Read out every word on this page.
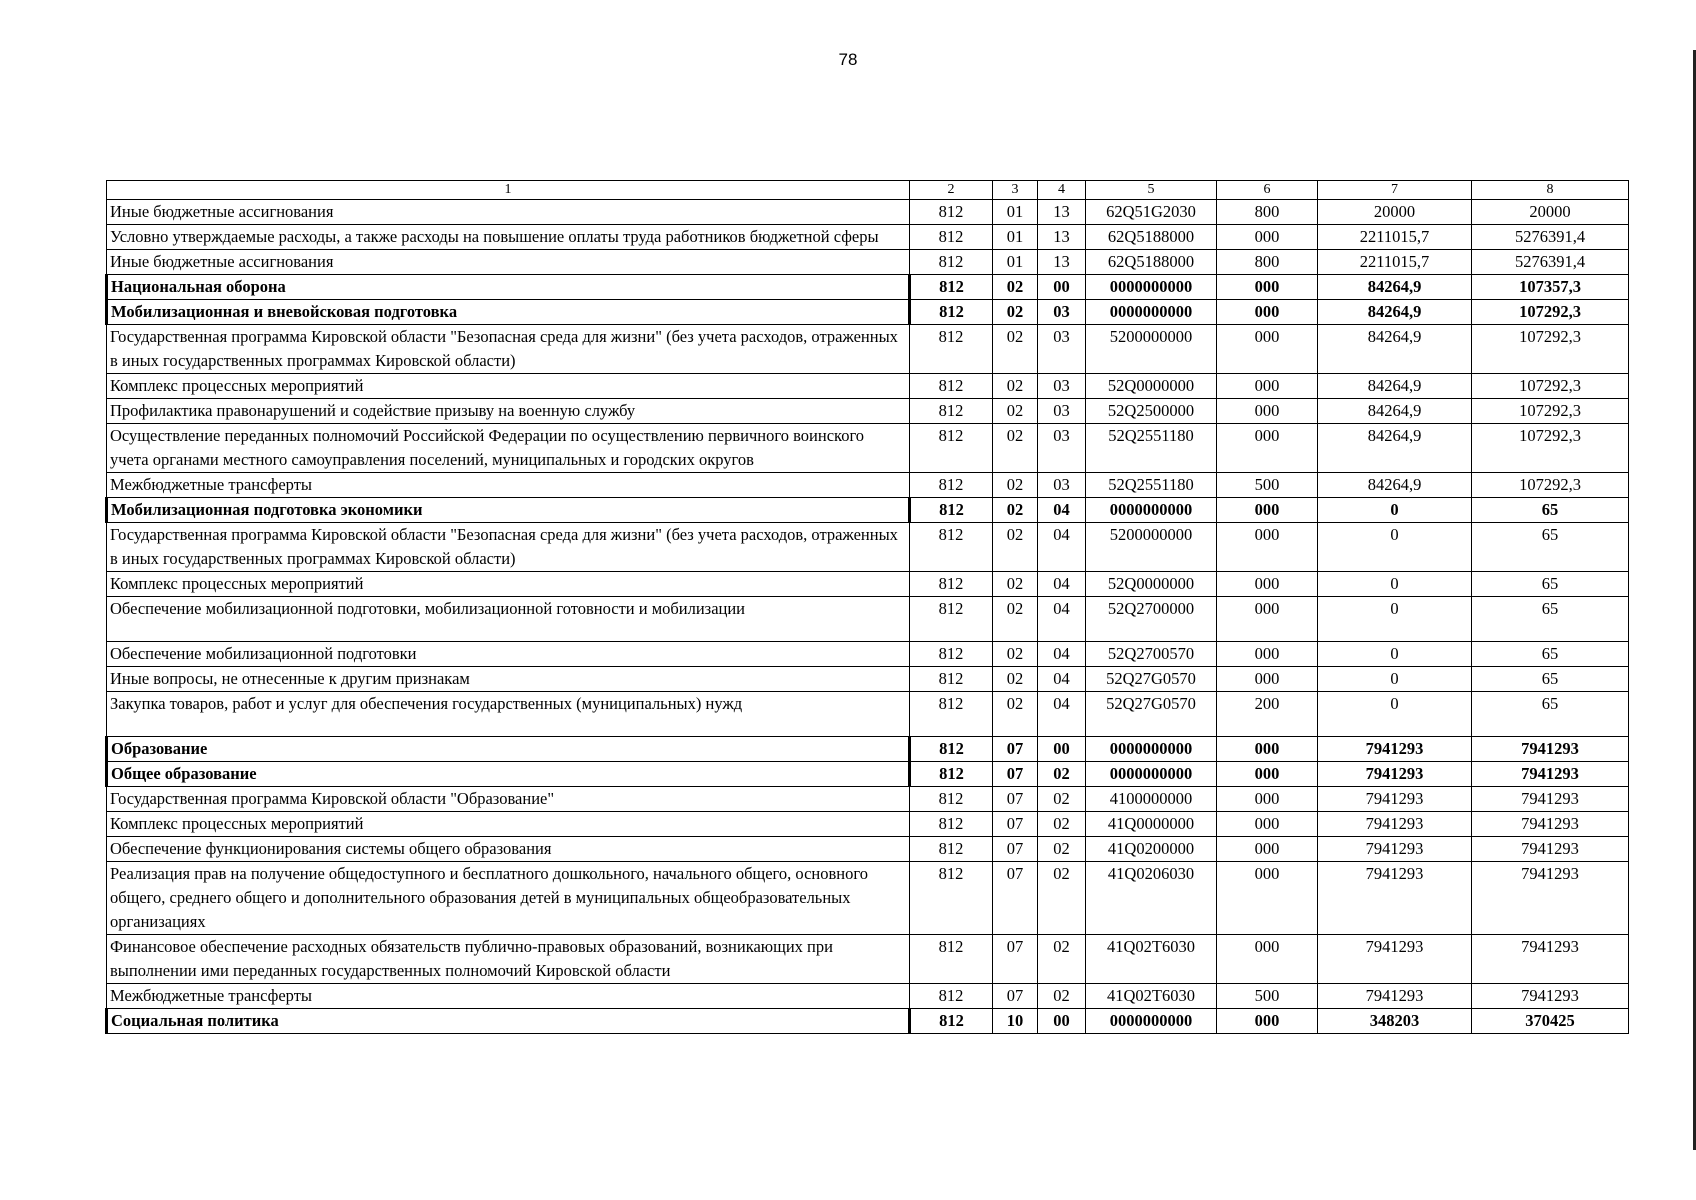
78
1	2	3	4	5	6	7	8
Иные бюджетные ассигнования	812	01	13	62Q51G2030	800	20000	20000
Условно утверждаемые расходы, а также расходы на повышение оплаты труда работников бюджетной сферы	812	01	13	62Q5188000	000	2211015,7	5276391,4
Иные бюджетные ассигнования	812	01	13	62Q5188000	800	2211015,7	5276391,4
Национальная оборона	812	02	00	0000000000	000	84264,9	107357,3
Мобилизационная и вневойсковая подготовка	812	02	03	0000000000	000	84264,9	107292,3
Государственная программа Кировской области "Безопасная среда для жизни" (без учета расходов, отраженных в иных государственных программах Кировской области)	812	02	03	5200000000	000	84264,9	107292,3
Комплекс процессных мероприятий	812	02	03	52Q0000000	000	84264,9	107292,3
Профилактика правонарушений и содействие призыву на военную службу	812	02	03	52Q2500000	000	84264,9	107292,3
Осуществление переданных полномочий Российской Федерации по осуществлению первичного воинского учета органами местного самоуправления поселений, муниципальных и городских округов	812	02	03	52Q2551180	000	84264,9	107292,3
Межбюджетные трансферты	812	02	03	52Q2551180	500	84264,9	107292,3
Мобилизационная подготовка экономики	812	02	04	0000000000	000	0	65
Государственная программа Кировской области "Безопасная среда для жизни" (без учета расходов, отраженных в иных государственных программах Кировской области)	812	02	04	5200000000	000	0	65
Комплекс процессных мероприятий	812	02	04	52Q0000000	000	0	65
Обеспечение мобилизационной подготовки, мобилизационной готовности и мобилизации	812	02	04	52Q2700000	000	0	65
Обеспечение мобилизационной подготовки	812	02	04	52Q2700570	000	0	65
Иные вопросы, не отнесенные к другим признакам	812	02	04	52Q27G0570	000	0	65
Закупка товаров, работ и услуг для обеспечения государственных (муниципальных) нужд	812	02	04	52Q27G0570	200	0	65
Образование	812	07	00	0000000000	000	7941293	7941293
Общее образование	812	07	02	0000000000	000	7941293	7941293
Государственная программа Кировской области "Образование"	812	07	02	4100000000	000	7941293	7941293
Комплекс процессных мероприятий	812	07	02	41Q0000000	000	7941293	7941293
Обеспечение функционирования системы общего образования	812	07	02	41Q0200000	000	7941293	7941293
Реализация прав на получение общедоступного и бесплатного дошкольного, начального общего, основного общего, среднего общего и дополнительного образования детей в муниципальных общеобразовательных организациях	812	07	02	41Q0206030	000	7941293	7941293
Финансовое обеспечение расходных обязательств публично-правовых образований, возникающих при выполнении ими переданных государственных полномочий Кировской области	812	07	02	41Q02T6030	000	7941293	7941293
Межбюджетные трансферты	812	07	02	41Q02T6030	500	7941293	7941293
Социальная политика	812	10	00	0000000000	000	348203	370425
